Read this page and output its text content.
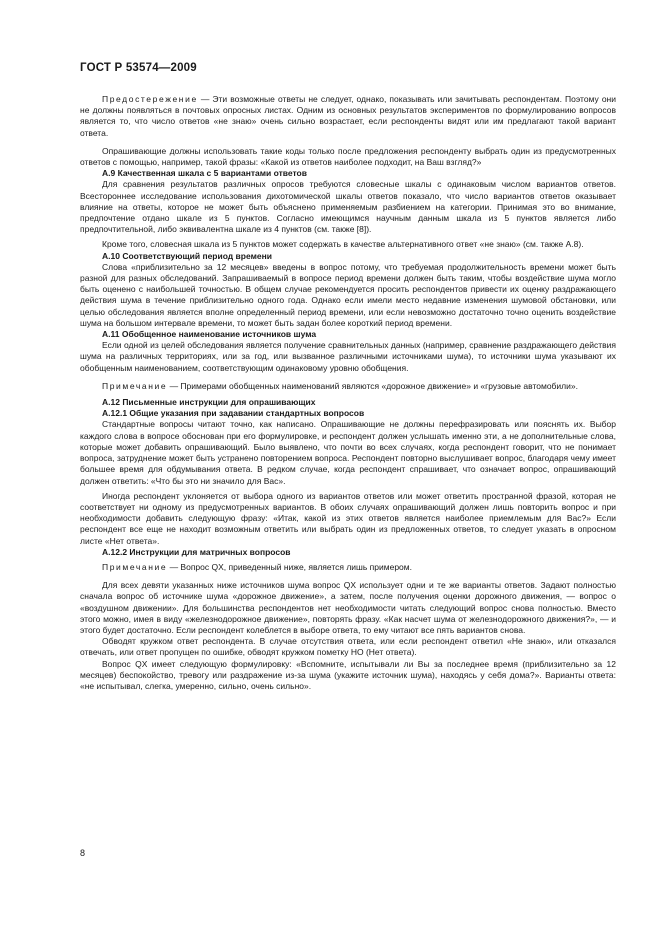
ГОСТ Р 53574—2009

Предостережение — Эти возможные ответы не следует, однако, показывать или зачитывать респондентам. Поэтому они не должны появляться в почтовых опросных листах. Одним из основных результатов экспериментов по формулированию вопросов является то, что число ответов «не знаю» очень сильно возрастает, если респонденты видят или им предлагают такой вариант ответа.

Опрашивающие должны использовать такие коды только после предложения респонденту выбрать один из предусмотренных ответов с помощью, например, такой фразы: «Какой из ответов наиболее подходит, на Ваш взгляд?»

А.9 Качественная шкала с 5 вариантами ответов

Для сравнения результатов различных опросов требуются словесные шкалы с одинаковым числом вариантов ответов. Всестороннее исследование использования дихотомической шкалы ответов показало, что число вариантов ответов оказывает влияние на ответы, которое не может быть объяснено применяемым разбиением на категории. Принимая это во внимание, предпочтение отдано шкале из 5 пунктов. Согласно имеющимся научным данным шкала из 5 пунктов является либо предпочтительной, либо эквивалентна шкале из 4 пунктов (см. также [8]).

Кроме того, словесная шкала из 5 пунктов может содержать в качестве альтернативного ответ «не знаю» (см. также А.8).

А.10 Соответствующий период времени

Слова «приблизительно за 12 месяцев» введены в вопрос потому, что требуемая продолжительность времени может быть разной для разных обследований. Запрашиваемый в вопросе период времени должен быть таким, чтобы воздействие шума могло быть оценено с наибольшей точностью. В общем случае рекомендуется просить респондентов привести их оценку раздражающего действия шума в течение приблизительно одного года. Однако если имели место недавние изменения шумовой обстановки, или целью обследования является вполне определенный период времени, или если невозможно достаточно точно оценить воздействие шума на большом интервале времени, то может быть задан более короткий период времени.

А.11 Обобщенное наименование источников шума

Если одной из целей обследования является получение сравнительных данных (например, сравнение раздражающего действия шума на различных территориях, или за год, или вызванное различными источниками шума), то источники шума указывают их обобщенным наименованием, соответствующим одинаковому уровню обобщения.

Примечание — Примерами обобщенных наименований являются «дорожное движение» и «грузовые автомобили».

А.12 Письменные инструкции для опрашивающих
А.12.1 Общие указания при задавании стандартных вопросов

Стандартные вопросы читают точно, как написано. Опрашивающие не должны перефразировать или пояснять их. Выбор каждого слова в вопросе обоснован при его формулировке, и респондент должен услышать именно эти, а не дополнительные слова, которые может добавить опрашивающий. Было выявлено, что почти во всех случаях, когда респондент говорит, что не понимает вопроса, затруднение может быть устранено повторением вопроса. Респондент повторно выслушивает вопрос, благодаря чему имеет большее время для обдумывания ответа. В редком случае, когда респондент спрашивает, что означает вопрос, опрашивающий должен ответить: «Что бы это ни значило для Вас».

Иногда респондент уклоняется от выбора одного из вариантов ответов или может ответить пространной фразой, которая не соответствует ни одному из предусмотренных вариантов. В обоих случаях опрашивающий должен лишь повторить вопрос и при необходимости добавить следующую фразу: «Итак, какой из этих ответов является наиболее приемлемым для Вас?» Если респондент все еще не находит возможным ответить или выбрать один из предложенных ответов, то следует указать в опросном листе «Нет ответа».

А.12.2 Инструкции для матричных вопросов

Примечание — Вопрос QX, приведенный ниже, является лишь примером.

Для всех девяти указанных ниже источников шума вопрос QX использует одни и те же варианты ответов. Задают полностью сначала вопрос об источнике шума «дорожное движение», а затем, после получения оценки дорожного движения, — вопрос о «воздушном движении». Для большинства респондентов нет необходимости читать следующий вопрос снова полностью. Вместо этого можно, имея в виду «железнодорожное движение», повторять фразу. «Как насчет шума от железнодорожного движения?», — и этого будет достаточно. Если респондент колеблется в выборе ответа, то ему читают все пять вариантов снова.

Обводят кружком ответ респондента. В случае отсутствия ответа, или если респондент ответил «Не знаю», или отказался отвечать, или ответ пропущен по ошибке, обводят кружком пометку НО (Нет ответа).

Вопрос QX имеет следующую формулировку: «Вспомните, испытывали ли Вы за последнее время (приблизительно за 12 месяцев) беспокойство, тревогу или раздражение из-за шума (укажите источник шума), находясь у себя дома?». Варианты ответа: «не испытывал, слегка, умеренно, сильно, очень сильно».

8
